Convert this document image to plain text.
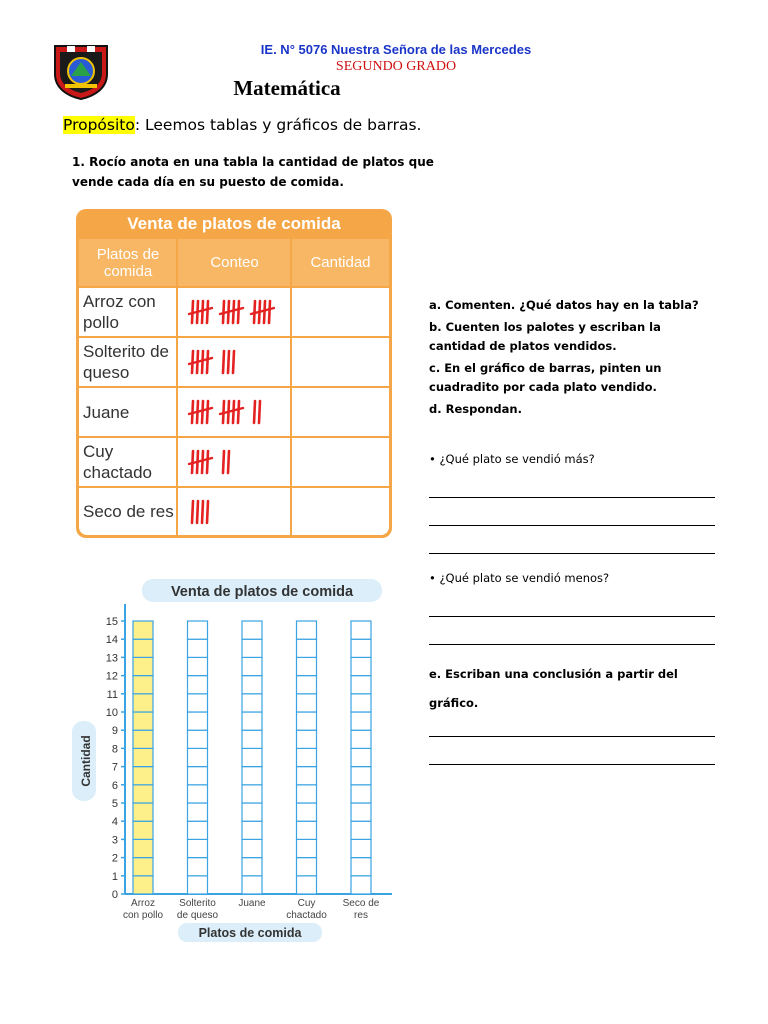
IE. N° 5076 Nuestra Señora de las Mercedes
SEGUNDO GRADO
Matemática
Propósito: Leemos tablas y gráficos de barras.
1. Rocío anota en una tabla la cantidad de platos que vende cada día en su puesto de comida.
Venta de platos de comida
Platos de comida	Conteo	Cantidad
Arroz con pollo
Solterito de queso
Juane
Cuy chactado
Seco de res

a. Comenten. ¿Qué datos hay en la tabla?

b. Cuenten los palotes y escriban la cantidad de platos vendidos.

c. En el gráfico de barras, pinten un cuadradito por cada plato vendido.

d. Respondan.

• ¿Qué plato se vendió más?
• ¿Qué plato se vendió menos?
e. Escriban una conclusión a partir del gráfico.
Venta de platos de comida
Cantidad
0
1
2
3
4
5
6
7
8
9
10
11
12
13
14
15
Arroz
con pollo
Solterito
de queso
Juane	Cuy
chactado
Seco de
res
Platos de comida
